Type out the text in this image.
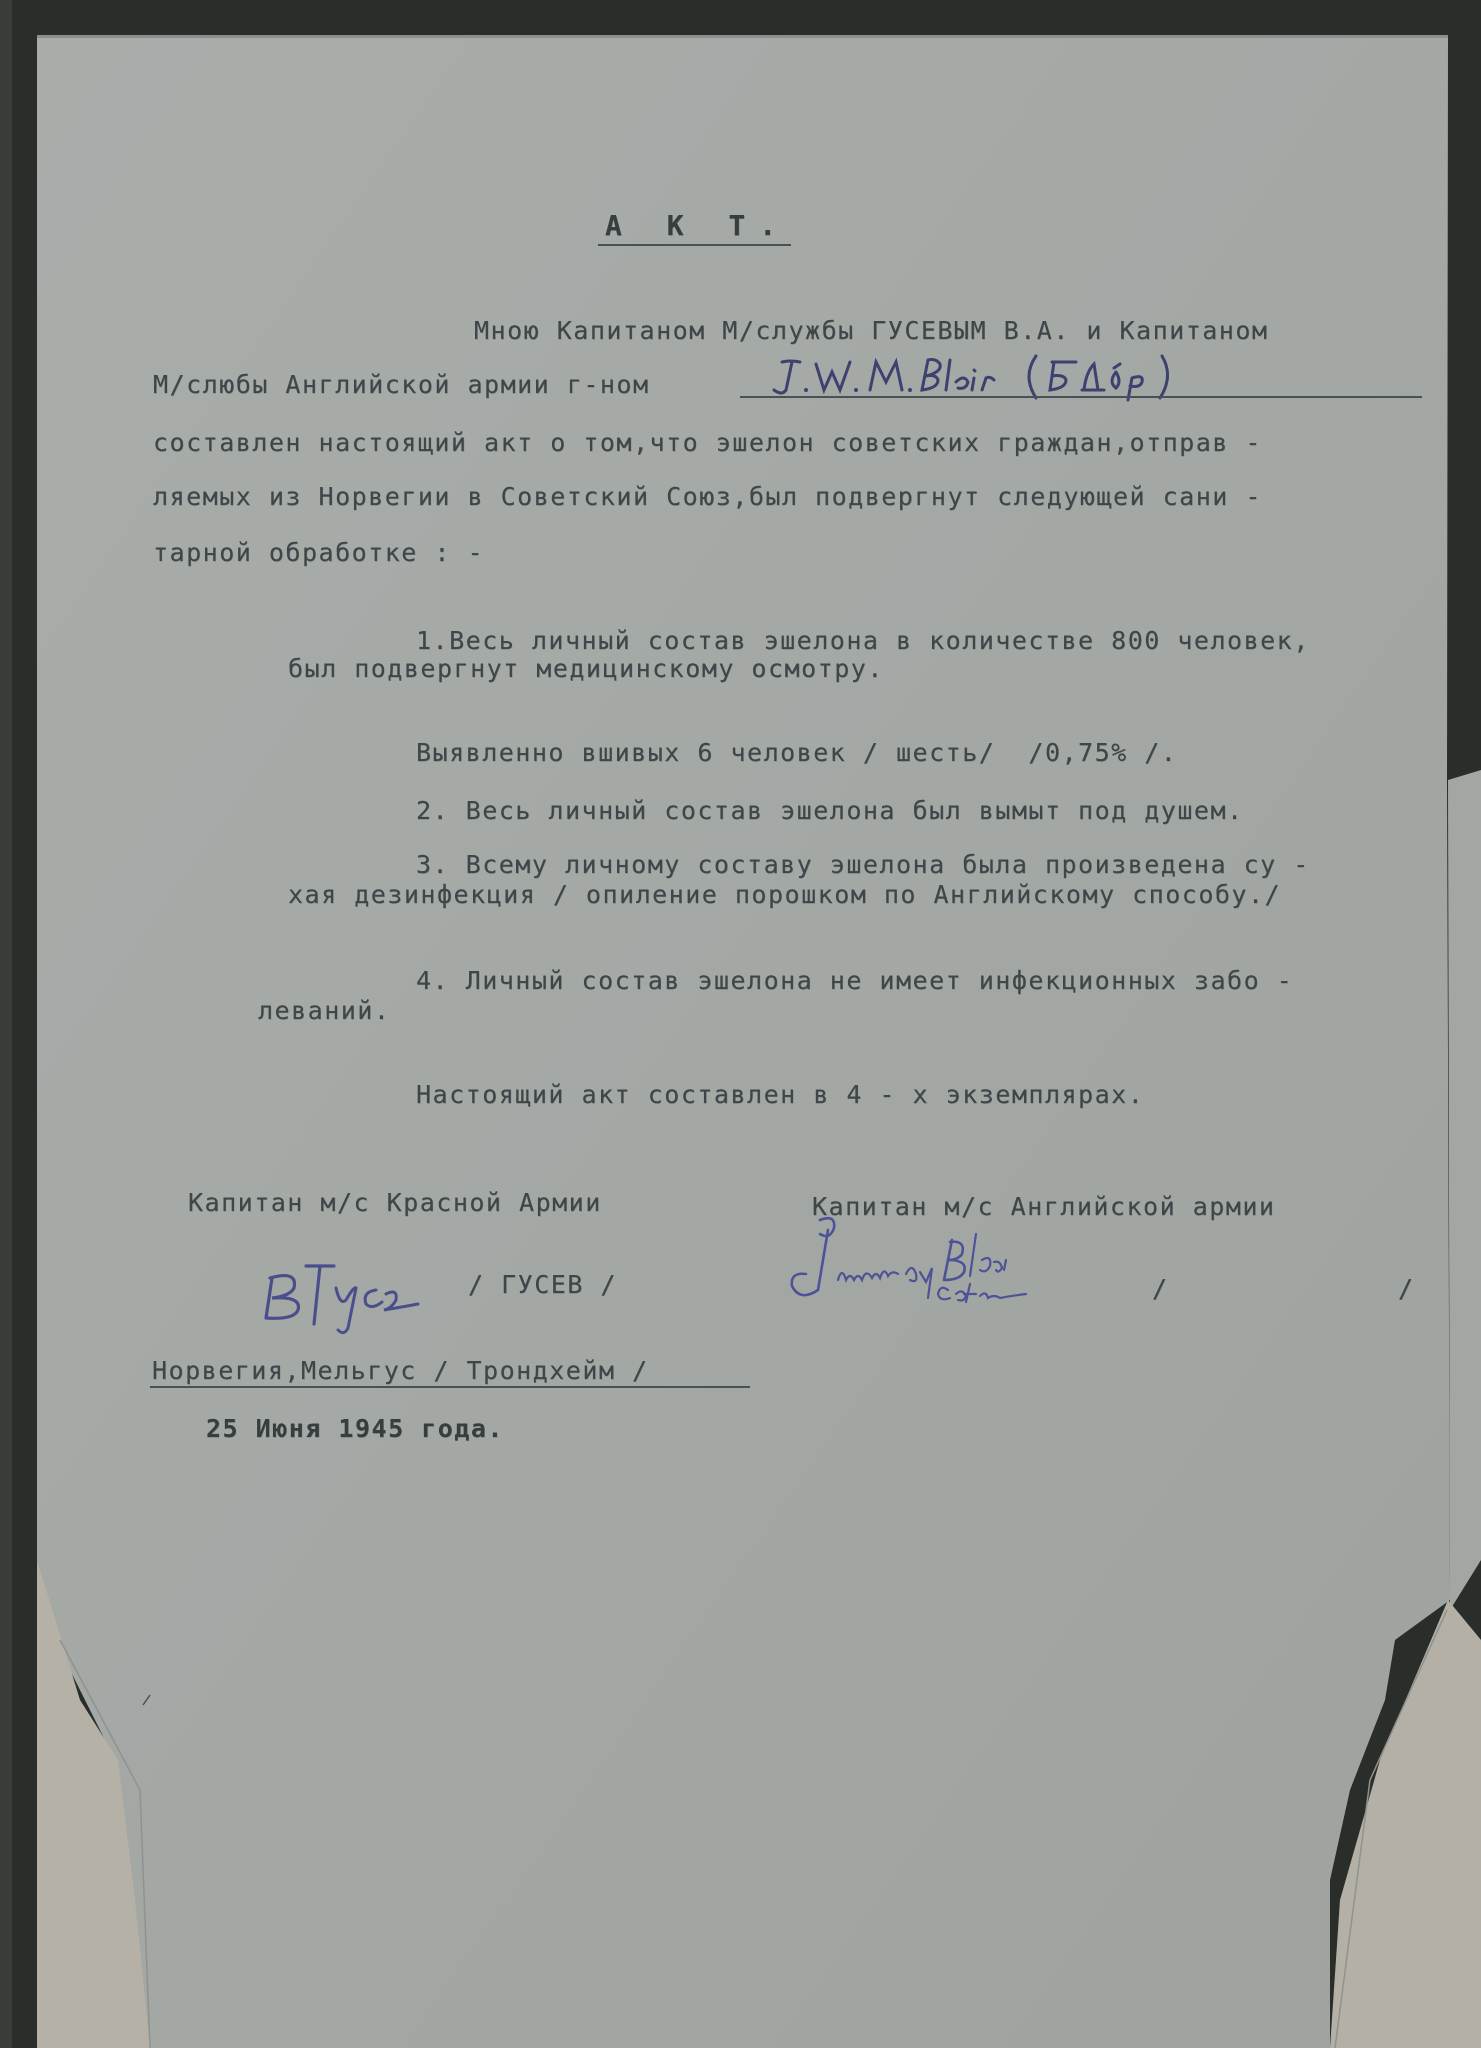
А К Т.
Мною Капитаном М/службы ГУСЕВЫМ В.А. и Капитаном
М/слюбы Английской армии г-ном
составлен настоящий акт о том,что эшелон советских граждан,отправ -
ляемых из Норвегии в Советский Союз,был подвергнут следующей сани -
тарной обработке : -
1.Весь личный состав эшелона в количестве 800 человек,
был подвергнут медицинскому осмотру.
Выявленно вшивых 6 человек / шесть/  /0,75% /.
2. Весь личный состав эшелона был вымыт под душем.
3. Всему личному составу эшелона была произведена су -
хая дезинфекция / опиление порошком по Английскому способу./
4. Личный состав эшелона не имеет инфекционных забо -
леваний.
Настоящий акт составлен в 4 - х экземплярах.
Капитан м/с Красной Армии	Капитан м/с Английской армии
/ ГУСЕВ /	/	/
Норвегия,Мельгус / Трондхейм /
25 Июня 1945 года.
